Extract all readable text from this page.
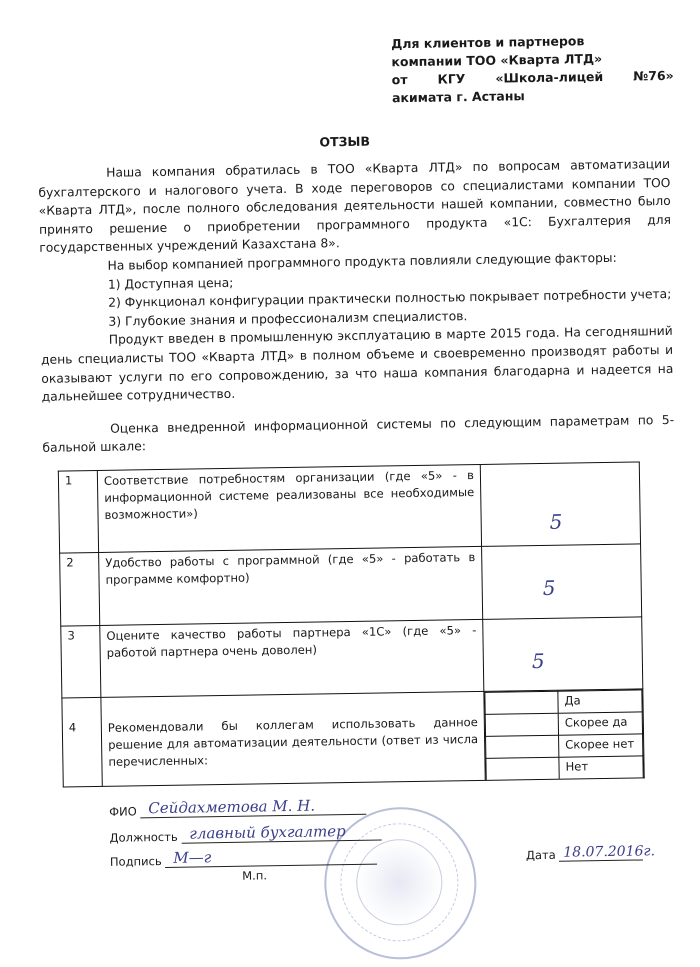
Для клиентов и партнеров
компании ТОО «Кварта ЛТД»
от КГУ «Школа-лицей №76»
акимата г. Астаны
ОТЗЫВ

Наша компания обратилась в ТОО «Кварта ЛТД» по вопросам автоматизации бухгалтерского и налогового учета. В ходе переговоров со специалистами компании ТОО «Кварта ЛТД», после полного обследования деятельности нашей компании, совместно было принято решение о приобретении программного продукта «1С: Бухгалтерия для государственных учреждений Казахстана 8».

На выбор компанией программного продукта повлияли следующие факторы:

1) Доступная цена;

2) Функционал конфигурации практически полностью покрывает потребности учета;

3) Глубокие знания и профессионализм специалистов.

Продукт введен в промышленную эксплуатацию в марте 2015 года. На сегодняшний день специалисты ТОО «Кварта ЛТД» в полном объеме и своевременно производят работы и оказывают услуги по его сопровождению, за что наша компания благодарна и надеется на дальнейшее сотрудничество.

Оценка внедренной информационной системы по следующим параметрам по 5-бальной шкале:

1	Соответствие потребностям организации (где «5» - в информационной системе реализованы все необходимые возможности»)	5

2	Удобство работы с программной (где «5» - работать в программе комфортно)	5

3	Оцените качество работы партнера «1С» (где «5» - работой партнера очень доволен)	5

4	Рекомендовали бы коллегам использовать данное решение для автоматизации деятельности (ответ из числа перечисленных:	
	Да
	Скорее да
	Скорее нет
	Нет
ФИО Сейдахметова М. Н.
Должность главный бухгалтер
Подпись М—г
М.п.
Дата 18.07.2016г.
